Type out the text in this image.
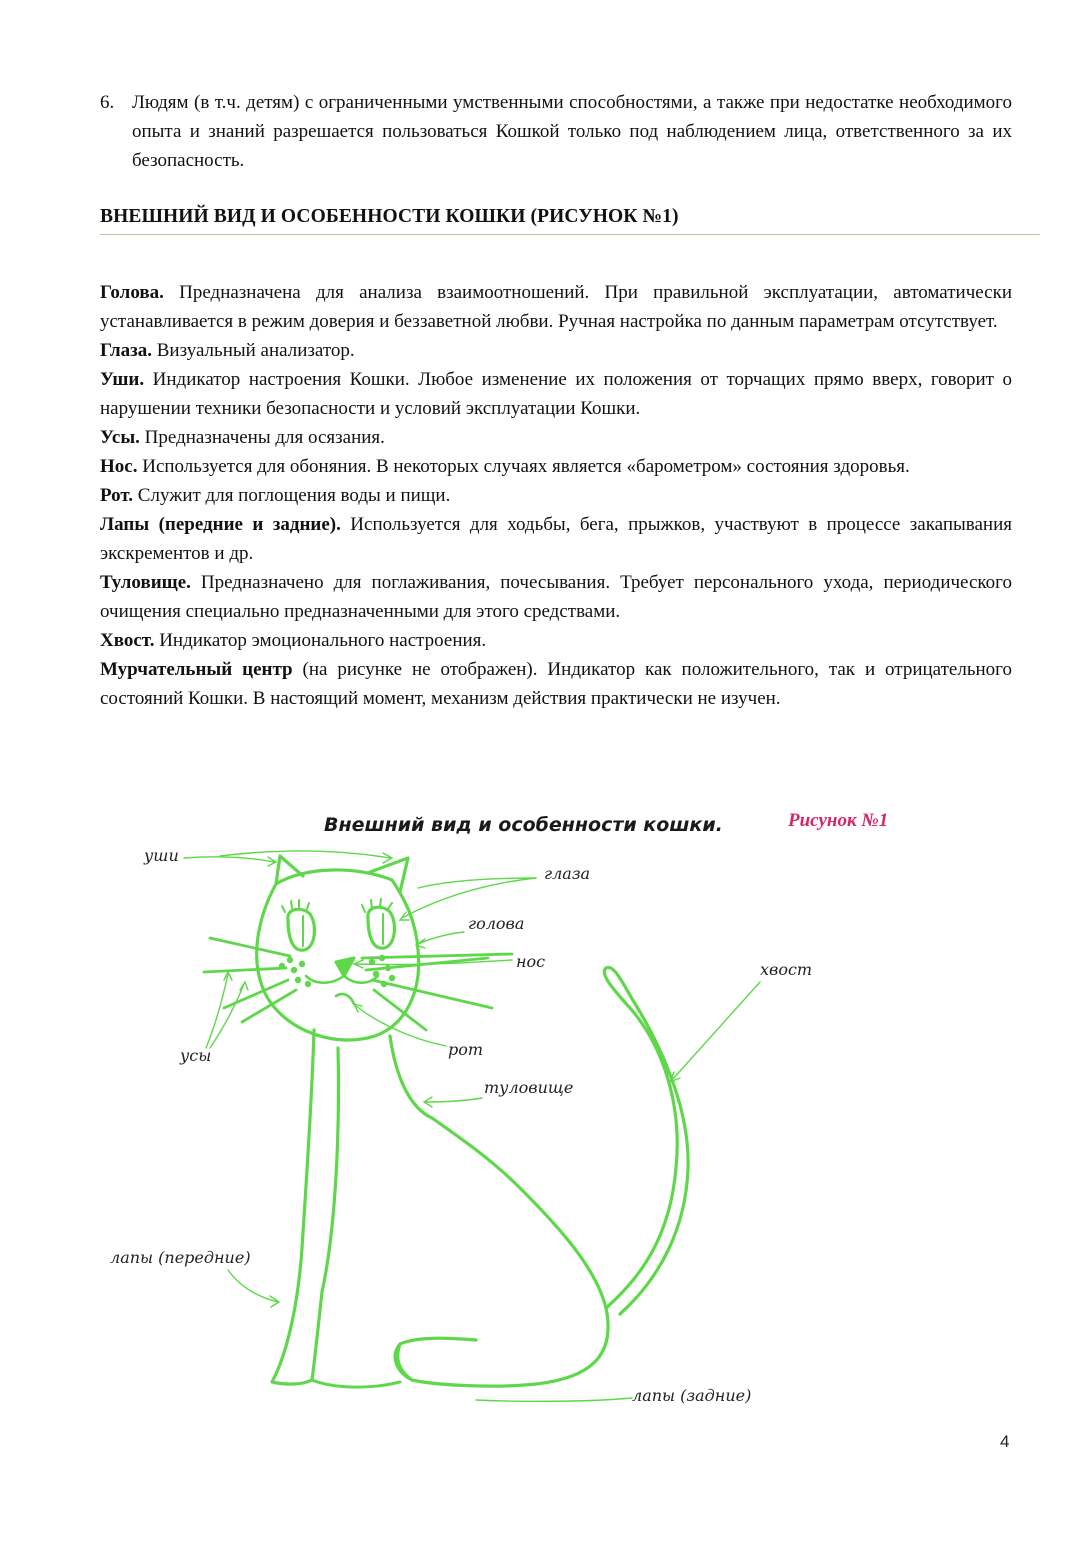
6. Людям (в т.ч. детям) с ограниченными умственными способностями, а также при недостатке необходимого опыта и знаний разрешается пользоваться Кошкой только под наблюдением лица, ответственного за их безопасность.
ВНЕШНИЙ ВИД И ОСОБЕННОСТИ КОШКИ (РИСУНОК №1)

Голова. Предназначена для анализа взаимоотношений. При правильной эксплуатации, автоматически устанавливается в режим доверия и беззаветной любви. Ручная настройка по данным параметрам отсутствует.

Глаза. Визуальный анализатор.

Уши. Индикатор настроения Кошки. Любое изменение их положения от торчащих прямо вверх, говорит о нарушении техники безопасности и условий эксплуатации Кошки.

Усы. Предназначены для осязания.

Нос. Используется для обоняния. В некоторых случаях является «барометром» состояния здоровья.

Рот. Служит для поглощения воды и пищи.

Лапы (передние и задние). Используется для ходьбы, бега, прыжков, участвуют в процессе закапывания экскрементов и др.

Туловище. Предназначено для поглаживания, почесывания. Требует персонального ухода, периодического очищения специально предназначенными для этого средствами.

Хвост. Индикатор эмоционального настроения.

Мурчательный центр (на рисунке не отображен). Индикатор как положительного, так и отрицательного состояний Кошки. В настоящий момент, механизм действия практически не изучен.

Внешний вид и особенности кошки.	Рисунок №1
уши
глаза
голова
нос	хвост
усы	рот
туловище
лапы (передние)
лапы (задние)
4
